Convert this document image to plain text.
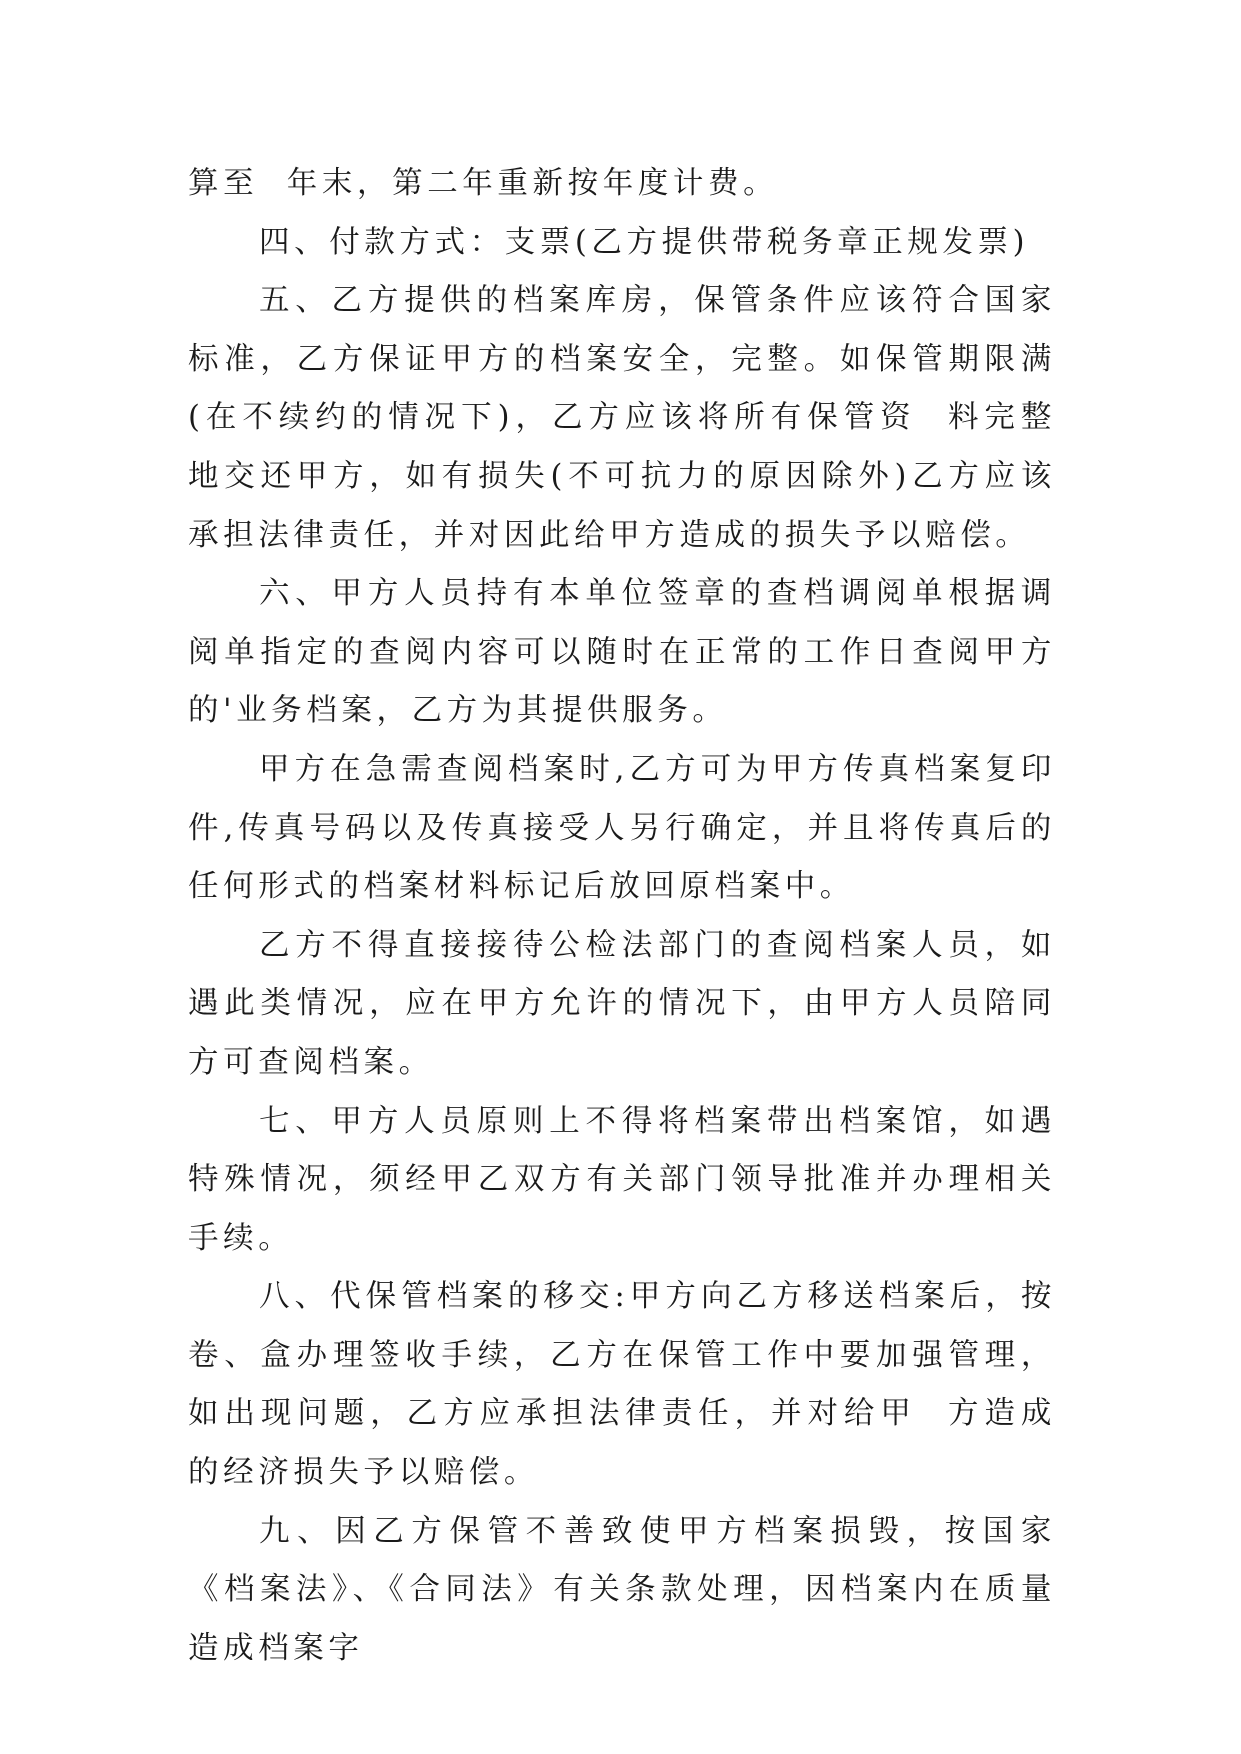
算至  年末，第二年重新按年度计费。

四、付款方式：支票(乙方提供带税务章正规发票)

五、乙方提供的档案库房，保管条件应该符合国家标准，乙方保证甲方的档案安全，完整。如保管期限满(在不续约的情况下)，乙方应该将所有保管资  料完整地交还甲方，如有损失(不可抗力的原因除外)乙方应该承担法律责任，并对因此给甲方造成的损失予以赔偿。

六、甲方人员持有本单位签章的查档调阅单根据调阅单指定的查阅内容可以随时在正常的工作日查阅甲方的'业务档案，乙方为其提供服务。

甲方在急需查阅档案时,乙方可为甲方传真档案复印件,传真号码以及传真接受人另行确定，并且将传真后的任何形式的档案材料标记后放回原档案中。

乙方不得直接接待公检法部门的查阅档案人员，如遇此类情况，应在甲方允许的情况下，由甲方人员陪同方可查阅档案。

七、甲方人员原则上不得将档案带出档案馆，如遇特殊情况，须经甲乙双方有关部门领导批准并办理相关手续。

八、代保管档案的移交:甲方向乙方移送档案后，按卷、盒办理签收手续，乙方在保管工作中要加强管理，如出现问题，乙方应承担法律责任，并对给甲  方造成的经济损失予以赔偿。

九、因乙方保管不善致使甲方档案损毁，按国家《档案法》、《合同法》有关条款处理，因档案内在质量造成档案字
